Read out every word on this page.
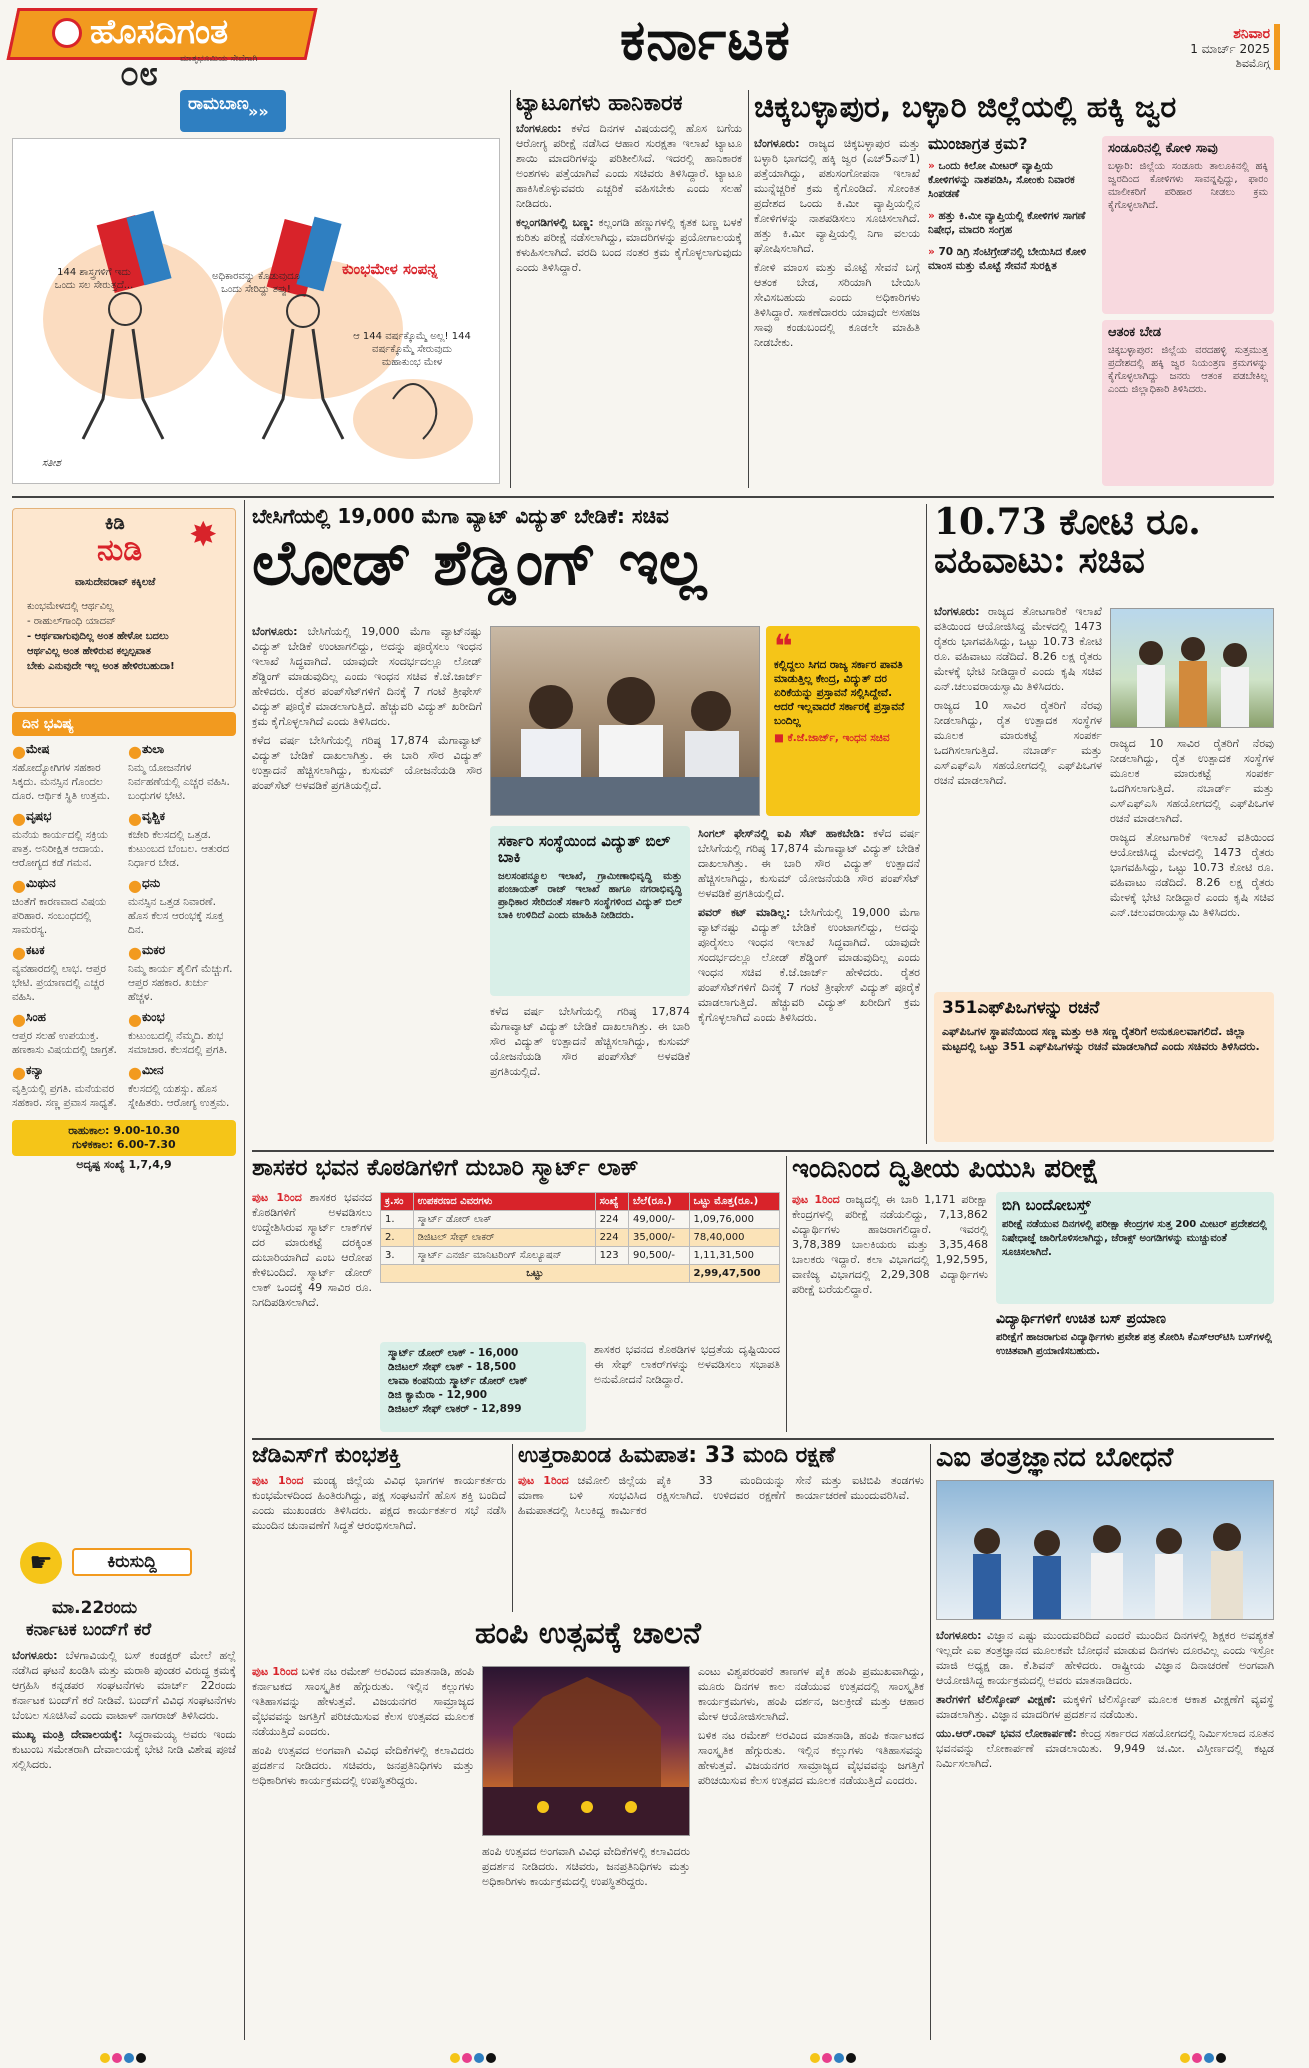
ಹೊಸದಿಗಂತ
ಮಾತೃಭೂಮಿಯ ಸೇವೆಗಾಗಿ
೦೮
ಕರ್ನಾಟಕ	ಶನಿವಾರ
1 ಮಾರ್ಚ್ 2025
ಶಿವಮೊಗ್ಗ
ರಾಮಬಾಣ »»
144 ಶಾಸ್ತ್ರಗಳಿಗೆ ಇದು ಒಂದು ಸಲ ಸೇರುತ್ತದೆ...
ಅಧಿಕಾರವನ್ನು ಕೊಡುವುದೂ ಒಂದು ಸೇರಿದ್ದು ತಪ್ಪು!
ಕುಂಭಮೇಳ ಸಂಪನ್ನ
ಆ 144 ವರ್ಷಕ್ಕೊಮ್ಮೆ ಅಲ್ಲ! 144 ವರ್ಷಕ್ಕೊಮ್ಮೆ ಸೇರುವುದು ಮಹಾಕುಂಭ ಮೇಳ
ಸತೀಶ
ಟ್ಯಾಟೂಗಳು ಹಾನಿಕಾರಕ

ಬೆಂಗಳೂರು: ಕಳೆದ ದಿನಗಳ ವಿಷಯದಲ್ಲಿ ಹೊಸ ಬಗೆಯ ಆರೋಗ್ಯ ಪರೀಕ್ಷೆ ನಡೆಸಿದ ಆಹಾರ ಸುರಕ್ಷತಾ ಇಲಾಖೆ ಟ್ಯಾಟೂ ಶಾಯಿ ಮಾದರಿಗಳನ್ನು ಪರಿಶೀಲಿಸಿದೆ. ಇದರಲ್ಲಿ ಹಾನಿಕಾರಕ ಅಂಶಗಳು ಪತ್ತೆಯಾಗಿವೆ ಎಂದು ಸಚಿವರು ತಿಳಿಸಿದ್ದಾರೆ. ಟ್ಯಾಟೂ ಹಾಕಿಸಿಕೊಳ್ಳುವವರು ಎಚ್ಚರಿಕೆ ವಹಿಸಬೇಕು ಎಂದು ಸಲಹೆ ನೀಡಿದರು.

ಕಲ್ಲಂಗಡಿಗಳಲ್ಲಿ ಬಣ್ಣ: ಕಲ್ಲಂಗಡಿ ಹಣ್ಣುಗಳಲ್ಲಿ ಕೃತಕ ಬಣ್ಣ ಬಳಕೆ ಕುರಿತು ಪರೀಕ್ಷೆ ನಡೆಸಲಾಗಿದ್ದು, ಮಾದರಿಗಳನ್ನು ಪ್ರಯೋಗಾಲಯಕ್ಕೆ ಕಳುಹಿಸಲಾಗಿದೆ. ವರದಿ ಬಂದ ನಂತರ ಕ್ರಮ ಕೈಗೊಳ್ಳಲಾಗುವುದು ಎಂದು ತಿಳಿಸಿದ್ದಾರೆ.

ಚಿಕ್ಕಬಳ್ಳಾಪುರ, ಬಳ್ಳಾರಿ ಜಿಲ್ಲೆಯಲ್ಲಿ ಹಕ್ಕಿ ಜ್ವರ

ಬೆಂಗಳೂರು: ರಾಜ್ಯದ ಚಿಕ್ಕಬಳ್ಳಾಪುರ ಮತ್ತು ಬಳ್ಳಾರಿ ಭಾಗದಲ್ಲಿ ಹಕ್ಕಿ ಜ್ವರ (ಎಚ್5ಎನ್1) ಪತ್ತೆಯಾಗಿದ್ದು, ಪಶುಸಂಗೋಪನಾ ಇಲಾಖೆ ಮುನ್ನೆಚ್ಚರಿಕೆ ಕ್ರಮ ಕೈಗೊಂಡಿದೆ. ಸೋಂಕಿತ ಪ್ರದೇಶದ ಒಂದು ಕಿ.ಮೀ ವ್ಯಾಪ್ತಿಯಲ್ಲಿನ ಕೋಳಿಗಳನ್ನು ನಾಶಪಡಿಸಲು ಸೂಚಿಸಲಾಗಿದೆ. ಹತ್ತು ಕಿ.ಮೀ ವ್ಯಾಪ್ತಿಯಲ್ಲಿ ನಿಗಾ ವಲಯ ಘೋಷಿಸಲಾಗಿದೆ.

ಕೋಳಿ ಮಾಂಸ ಮತ್ತು ಮೊಟ್ಟೆ ಸೇವನೆ ಬಗ್ಗೆ ಆತಂಕ ಬೇಡ, ಸರಿಯಾಗಿ ಬೇಯಿಸಿ ಸೇವಿಸಬಹುದು ಎಂದು ಅಧಿಕಾರಿಗಳು ತಿಳಿಸಿದ್ದಾರೆ. ಸಾಕಣೆದಾರರು ಯಾವುದೇ ಅಸಹಜ ಸಾವು ಕಂಡುಬಂದಲ್ಲಿ ಕೂಡಲೇ ಮಾಹಿತಿ ನೀಡಬೇಕು.

ಮುಂಜಾಗ್ರತ ಕ್ರಮ?
» ಒಂದು ಕಿಲೋ ಮೀಟರ್ ವ್ಯಾಪ್ತಿಯ ಕೋಳಿಗಳನ್ನು ನಾಶಪಡಿಸಿ, ಸೋಂಕು ನಿವಾರಕ ಸಿಂಪಡಣೆ
» ಹತ್ತು ಕಿ.ಮೀ ವ್ಯಾಪ್ತಿಯಲ್ಲಿ ಕೋಳಿಗಳ ಸಾಗಣೆ ನಿಷೇಧ, ಮಾದರಿ ಸಂಗ್ರಹ
» 70 ಡಿಗ್ರಿ ಸೆಂಟಿಗ್ರೇಡ್‌ನಲ್ಲಿ ಬೇಯಿಸಿದ ಕೋಳಿ ಮಾಂಸ ಮತ್ತು ಮೊಟ್ಟೆ ಸೇವನೆ ಸುರಕ್ಷಿತ
ಸಂಡೂರಿನಲ್ಲಿ ಕೋಳಿ ಸಾವು
ಬಳ್ಳಾರಿ: ಜಿಲ್ಲೆಯ ಸಂಡೂರು ತಾಲೂಕಿನಲ್ಲಿ ಹಕ್ಕಿ ಜ್ವರದಿಂದ ಕೋಳಿಗಳು ಸಾವನ್ನಪ್ಪಿದ್ದು, ಫಾರಂ ಮಾಲೀಕರಿಗೆ ಪರಿಹಾರ ನೀಡಲು ಕ್ರಮ ಕೈಗೊಳ್ಳಲಾಗಿದೆ.
ಆತಂಕ ಬೇಡ
ಚಿಕ್ಕಬಳ್ಳಾಪುರ: ಜಿಲ್ಲೆಯ ವರದಹಳ್ಳಿ ಸುತ್ತಮುತ್ತ ಪ್ರದೇಶದಲ್ಲಿ ಹಕ್ಕಿ ಜ್ವರ ನಿಯಂತ್ರಣ ಕ್ರಮಗಳನ್ನು ಕೈಗೊಳ್ಳಲಾಗಿದ್ದು ಜನರು ಆತಂಕ ಪಡಬೇಕಿಲ್ಲ ಎಂದು ಜಿಲ್ಲಾಧಿಕಾರಿ ತಿಳಿಸಿದರು.
ಕಿಡಿ
ನುಡಿ ✸
ವಾಸುದೇವರಾವ್ ಕಕ್ಕಿಲಜೆ
ಕುಂಭಮೇಳದಲ್ಲಿ ಆರ್ಥವಿಲ್ಲ
- ರಾಹುಲ್‌ಗಾಂಧಿ ಯಾದವ್
- ಆರ್ಥವಾಗುವುದಿಲ್ಲ ಅಂತ ಹೇಳೋ ಬದಲು
ಆರ್ಥವಿಲ್ಲ ಅಂತ ಹೇಳಿರುವ ಕಲ್ಪಲ್ಪವಾತ
ಬೇಕು ಎನುವುದೇ ಇಲ್ಲ ಅಂತ ಹೇಳಿರಬಹುದಾ!
ದಿನ ಭವಿಷ್ಯ
● ಮೇಷ
ಸಹೋದ್ಯೋಗಿಗಳ ಸಹಕಾರ ಸಿಕ್ಕದು. ಮನಸ್ಸಿನ ಗೊಂದಲ ದೂರ. ಆರ್ಥಿಕ ಸ್ಥಿತಿ ಉತ್ತಮ.
● ತುಲಾ
ನಿಮ್ಮ ಯೋಜನೆಗಳ ನಿರ್ವಹಣೆಯಲ್ಲಿ ಎಚ್ಚರ ವಹಿಸಿ. ಬಂಧುಗಳ ಭೇಟಿ.
● ವೃಷಭ
ಮನೆಯ ಕಾರ್ಯದಲ್ಲಿ ಸಕ್ರಿಯ ಪಾತ್ರ. ಅನಿರೀಕ್ಷಿತ ಆದಾಯ. ಆರೋಗ್ಯದ ಕಡೆ ಗಮನ.
● ವೃಶ್ಚಿಕ
ಕಚೇರಿ ಕೆಲಸದಲ್ಲಿ ಒತ್ತಡ. ಕುಟುಂಬದ ಬೆಂಬಲ. ಆತುರದ ನಿರ್ಧಾರ ಬೇಡ.
● ಮಿಥುನ
ಚಿಂತೆಗೆ ಕಾರಣವಾದ ವಿಷಯ ಪರಿಹಾರ. ಸಂಬಂಧದಲ್ಲಿ ಸಾಮರಸ್ಯ.
● ಧನು
ಮನಸ್ಸಿನ ಒತ್ತಡ ನಿವಾರಣೆ. ಹೊಸ ಕೆಲಸ ಆರಂಭಕ್ಕೆ ಸೂಕ್ತ ದಿನ.
● ಕಟಕ
ವ್ಯವಹಾರದಲ್ಲಿ ಲಾಭ. ಆಪ್ತರ ಭೇಟಿ. ಪ್ರಯಾಣದಲ್ಲಿ ಎಚ್ಚರ ವಹಿಸಿ.
● ಮಕರ
ನಿಮ್ಮ ಕಾರ್ಯ ಶೈಲಿಗೆ ಮೆಚ್ಚುಗೆ. ಆಪ್ತರ ಸಹಕಾರ. ಖರ್ಚು ಹೆಚ್ಚಳ.
● ಸಿಂಹ
ಆಪ್ತರ ಸಲಹೆ ಉಪಯುಕ್ತ. ಹಣಕಾಸು ವಿಷಯದಲ್ಲಿ ಜಾಗ್ರತೆ.
● ಕುಂಭ
ಕುಟುಂಬದಲ್ಲಿ ನೆಮ್ಮದಿ. ಶುಭ ಸಮಾಚಾರ. ಕೆಲಸದಲ್ಲಿ ಪ್ರಗತಿ.
● ಕನ್ಯಾ
ವೃತ್ತಿಯಲ್ಲಿ ಪ್ರಗತಿ. ಮನೆಯವರ ಸಹಕಾರ. ಸಣ್ಣ ಪ್ರವಾಸ ಸಾಧ್ಯತೆ.
● ಮೀನ
ಕೆಲಸದಲ್ಲಿ ಯಶಸ್ಸು. ಹೊಸ ಸ್ನೇಹಿತರು. ಆರೋಗ್ಯ ಉತ್ತಮ.
ರಾಹುಕಾಲ: 9.00-10.30
ಗುಳಿಕಕಾಲ: 6.00-7.30
ಅದೃಷ್ಟ ಸಂಖ್ಯೆ 1,7,4,9
☛	ಕಿರುಸುದ್ದಿ
ಮಾ.22ರಂದು
ಕರ್ನಾಟಕ ಬಂದ್‌ಗೆ ಕರೆ

ಬೆಂಗಳೂರು: ಬೆಳಗಾವಿಯಲ್ಲಿ ಬಸ್ ಕಂಡಕ್ಟರ್ ಮೇಲೆ ಹಲ್ಲೆ ನಡೆಸಿದ ಘಟನೆ ಖಂಡಿಸಿ ಮತ್ತು ಮರಾಠಿ ಪುಂಡರ ವಿರುದ್ಧ ಕ್ರಮಕ್ಕೆ ಆಗ್ರಹಿಸಿ ಕನ್ನಡಪರ ಸಂಘಟನೆಗಳು ಮಾರ್ಚ್ 22ರಂದು ಕರ್ನಾಟಕ ಬಂದ್‌ಗೆ ಕರೆ ನೀಡಿವೆ. ಬಂದ್‌ಗೆ ವಿವಿಧ ಸಂಘಟನೆಗಳು ಬೆಂಬಲ ಸೂಚಿಸಿವೆ ಎಂದು ವಾಟಾಳ್ ನಾಗರಾಜ್ ತಿಳಿಸಿದರು.

ಮುಖ್ಯ ಮಂತ್ರಿ ದೇವಾಲಯಕ್ಕೆ: ಸಿದ್ದರಾಮಯ್ಯ ಅವರು ಇಂದು ಕುಟುಂಬ ಸಮೇತರಾಗಿ ದೇವಾಲಯಕ್ಕೆ ಭೇಟಿ ನೀಡಿ ವಿಶೇಷ ಪೂಜೆ ಸಲ್ಲಿಸಿದರು.

ಬೇಸಿಗೆಯಲ್ಲಿ 19,000 ಮೆಗಾ ವ್ಯಾಟ್ ವಿದ್ಯುತ್ ಬೇಡಿಕೆ: ಸಚಿವ
ಲೋಡ್ ಶೆಡ್ಡಿಂಗ್ ಇಲ್ಲ

ಬೆಂಗಳೂರು: ಬೇಸಿಗೆಯಲ್ಲಿ 19,000 ಮೆಗಾ ವ್ಯಾಟ್‌ನಷ್ಟು ವಿದ್ಯುತ್ ಬೇಡಿಕೆ ಉಂಟಾಗಲಿದ್ದು, ಅದನ್ನು ಪೂರೈಸಲು ಇಂಧನ ಇಲಾಖೆ ಸಿದ್ಧವಾಗಿದೆ. ಯಾವುದೇ ಸಂದರ್ಭದಲ್ಲೂ ಲೋಡ್ ಶೆಡ್ಡಿಂಗ್ ಮಾಡುವುದಿಲ್ಲ ಎಂದು ಇಂಧನ ಸಚಿವ ಕೆ.ಜೆ.ಜಾರ್ಜ್ ಹೇಳಿದರು. ರೈತರ ಪಂಪ್‌ಸೆಟ್‌ಗಳಿಗೆ ದಿನಕ್ಕೆ 7 ಗಂಟೆ ತ್ರೀಫೇಸ್ ವಿದ್ಯುತ್ ಪೂರೈಕೆ ಮಾಡಲಾಗುತ್ತಿದೆ. ಹೆಚ್ಚುವರಿ ವಿದ್ಯುತ್ ಖರೀದಿಗೆ ಕ್ರಮ ಕೈಗೊಳ್ಳಲಾಗಿದೆ ಎಂದು ತಿಳಿಸಿದರು.

ಕಳೆದ ವರ್ಷ ಬೇಸಿಗೆಯಲ್ಲಿ ಗರಿಷ್ಠ 17,874 ಮೆಗಾವ್ಯಾಟ್ ವಿದ್ಯುತ್ ಬೇಡಿಕೆ ದಾಖಲಾಗಿತ್ತು. ಈ ಬಾರಿ ಸೌರ ವಿದ್ಯುತ್ ಉತ್ಪಾದನೆ ಹೆಚ್ಚಿಸಲಾಗಿದ್ದು, ಕುಸುಮ್ ಯೋಜನೆಯಡಿ ಸೌರ ಪಂಪ್‌ಸೆಟ್ ಅಳವಡಿಕೆ ಪ್ರಗತಿಯಲ್ಲಿದೆ.

❝
ಕಲ್ಲಿದ್ದಲು ಸಿಗದ ರಾಜ್ಯ ಸರ್ಕಾರ ಪಾವತಿ ಮಾಡುತ್ತಿಲ್ಲ ಕೇಂದ್ರ, ವಿದ್ಯುತ್ ದರ ಏರಿಕೆಯನ್ನು ಪ್ರಸ್ತಾವನೆ ಸಲ್ಲಿಸಿದ್ದೇವೆ. ಆದರೆ ಇಲ್ಲವಾದರೆ ಸರ್ಕಾರಕ್ಕೆ ಪ್ರಸ್ತಾವನೆ ಬಂದಿಲ್ಲ
■ ಕೆ.ಜೆ.ಜಾರ್ಜ್, ಇಂಧನ ಸಚಿವ
ಸರ್ಕಾರಿ ಸಂಸ್ಥೆಯಿಂದ ವಿದ್ಯುತ್ ಬಿಲ್ ಬಾಕಿ
ಜಲಸಂಪನ್ಮೂಲ ಇಲಾಖೆ, ಗ್ರಾಮೀಣಾಭಿವೃದ್ಧಿ ಮತ್ತು ಪಂಚಾಯತ್ ರಾಜ್ ಇಲಾಖೆ ಹಾಗೂ ನಗರಾಭಿವೃದ್ಧಿ ಪ್ರಾಧಿಕಾರ ಸೇರಿದಂತೆ ಸರ್ಕಾರಿ ಸಂಸ್ಥೆಗಳಿಂದ ವಿದ್ಯುತ್ ಬಿಲ್ ಬಾಕಿ ಉಳಿದಿದೆ ಎಂದು ಮಾಹಿತಿ ನೀಡಿದರು.

ಸಿಂಗಲ್ ಫೇಸ್‌ನಲ್ಲಿ ಐಪಿ ಸೆಟ್ ಹಾಕಬೇಡಿ: ಕಳೆದ ವರ್ಷ ಬೇಸಿಗೆಯಲ್ಲಿ ಗರಿಷ್ಠ 17,874 ಮೆಗಾವ್ಯಾಟ್ ವಿದ್ಯುತ್ ಬೇಡಿಕೆ ದಾಖಲಾಗಿತ್ತು. ಈ ಬಾರಿ ಸೌರ ವಿದ್ಯುತ್ ಉತ್ಪಾದನೆ ಹೆಚ್ಚಿಸಲಾಗಿದ್ದು, ಕುಸುಮ್ ಯೋಜನೆಯಡಿ ಸೌರ ಪಂಪ್‌ಸೆಟ್ ಅಳವಡಿಕೆ ಪ್ರಗತಿಯಲ್ಲಿದೆ.

ಪವರ್ ಕಟ್ ಮಾಡಿಲ್ಲ: ಬೇಸಿಗೆಯಲ್ಲಿ 19,000 ಮೆಗಾ ವ್ಯಾಟ್‌ನಷ್ಟು ವಿದ್ಯುತ್ ಬೇಡಿಕೆ ಉಂಟಾಗಲಿದ್ದು, ಅದನ್ನು ಪೂರೈಸಲು ಇಂಧನ ಇಲಾಖೆ ಸಿದ್ಧವಾಗಿದೆ. ಯಾವುದೇ ಸಂದರ್ಭದಲ್ಲೂ ಲೋಡ್ ಶೆಡ್ಡಿಂಗ್ ಮಾಡುವುದಿಲ್ಲ ಎಂದು ಇಂಧನ ಸಚಿವ ಕೆ.ಜೆ.ಜಾರ್ಜ್ ಹೇಳಿದರು. ರೈತರ ಪಂಪ್‌ಸೆಟ್‌ಗಳಿಗೆ ದಿನಕ್ಕೆ 7 ಗಂಟೆ ತ್ರೀಫೇಸ್ ವಿದ್ಯುತ್ ಪೂರೈಕೆ ಮಾಡಲಾಗುತ್ತಿದೆ. ಹೆಚ್ಚುವರಿ ವಿದ್ಯುತ್ ಖರೀದಿಗೆ ಕ್ರಮ ಕೈಗೊಳ್ಳಲಾಗಿದೆ ಎಂದು ತಿಳಿಸಿದರು.

ಕಳೆದ ವರ್ಷ ಬೇಸಿಗೆಯಲ್ಲಿ ಗರಿಷ್ಠ 17,874 ಮೆಗಾವ್ಯಾಟ್ ವಿದ್ಯುತ್ ಬೇಡಿಕೆ ದಾಖಲಾಗಿತ್ತು. ಈ ಬಾರಿ ಸೌರ ವಿದ್ಯುತ್ ಉತ್ಪಾದನೆ ಹೆಚ್ಚಿಸಲಾಗಿದ್ದು, ಕುಸುಮ್ ಯೋಜನೆಯಡಿ ಸೌರ ಪಂಪ್‌ಸೆಟ್ ಅಳವಡಿಕೆ ಪ್ರಗತಿಯಲ್ಲಿದೆ.

10.73 ಕೋಟಿ ರೂ. ವಹಿವಾಟು: ಸಚಿವ

ಬೆಂಗಳೂರು: ರಾಜ್ಯದ ತೋಟಗಾರಿಕೆ ಇಲಾಖೆ ವತಿಯಿಂದ ಆಯೋಜಿಸಿದ್ದ ಮೇಳದಲ್ಲಿ 1473 ರೈತರು ಭಾಗವಹಿಸಿದ್ದು, ಒಟ್ಟು 10.73 ಕೋಟಿ ರೂ. ವಹಿವಾಟು ನಡೆದಿದೆ. 8.26 ಲಕ್ಷ ರೈತರು ಮೇಳಕ್ಕೆ ಭೇಟಿ ನೀಡಿದ್ದಾರೆ ಎಂದು ಕೃಷಿ ಸಚಿವ ಎನ್.ಚಲುವರಾಯಸ್ವಾಮಿ ತಿಳಿಸಿದರು.

ರಾಜ್ಯದ 10 ಸಾವಿರ ರೈತರಿಗೆ ನೆರವು ನೀಡಲಾಗಿದ್ದು, ರೈತ ಉತ್ಪಾದಕ ಸಂಸ್ಥೆಗಳ ಮೂಲಕ ಮಾರುಕಟ್ಟೆ ಸಂಪರ್ಕ ಒದಗಿಸಲಾಗುತ್ತಿದೆ. ನಬಾರ್ಡ್ ಮತ್ತು ಎಸ್‌ಎಫ್‌ಎಸಿ ಸಹಯೋಗದಲ್ಲಿ ಎಫ್‌ಪಿಒಗಳ ರಚನೆ ಮಾಡಲಾಗಿದೆ.

ರಾಜ್ಯದ 10 ಸಾವಿರ ರೈತರಿಗೆ ನೆರವು ನೀಡಲಾಗಿದ್ದು, ರೈತ ಉತ್ಪಾದಕ ಸಂಸ್ಥೆಗಳ ಮೂಲಕ ಮಾರುಕಟ್ಟೆ ಸಂಪರ್ಕ ಒದಗಿಸಲಾಗುತ್ತಿದೆ. ನಬಾರ್ಡ್ ಮತ್ತು ಎಸ್‌ಎಫ್‌ಎಸಿ ಸಹಯೋಗದಲ್ಲಿ ಎಫ್‌ಪಿಒಗಳ ರಚನೆ ಮಾಡಲಾಗಿದೆ.

ರಾಜ್ಯದ ತೋಟಗಾರಿಕೆ ಇಲಾಖೆ ವತಿಯಿಂದ ಆಯೋಜಿಸಿದ್ದ ಮೇಳದಲ್ಲಿ 1473 ರೈತರು ಭಾಗವಹಿಸಿದ್ದು, ಒಟ್ಟು 10.73 ಕೋಟಿ ರೂ. ವಹಿವಾಟು ನಡೆದಿದೆ. 8.26 ಲಕ್ಷ ರೈತರು ಮೇಳಕ್ಕೆ ಭೇಟಿ ನೀಡಿದ್ದಾರೆ ಎಂದು ಕೃಷಿ ಸಚಿವ ಎನ್.ಚಲುವರಾಯಸ್ವಾಮಿ ತಿಳಿಸಿದರು.

351ಎಫ್‌ಪಿಒಗಳನ್ನು ರಚನೆ
ಎಫ್‌ಪಿಒಗಳ ಸ್ಥಾಪನೆಯಿಂದ ಸಣ್ಣ ಮತ್ತು ಅತಿ ಸಣ್ಣ ರೈತರಿಗೆ ಅನುಕೂಲವಾಗಲಿದೆ. ಜಿಲ್ಲಾ ಮಟ್ಟದಲ್ಲಿ ಒಟ್ಟು 351 ಎಫ್‌ಪಿಒಗಳನ್ನು ರಚನೆ ಮಾಡಲಾಗಿದೆ ಎಂದು ಸಚಿವರು ತಿಳಿಸಿದರು.
ಶಾಸಕರ ಭವನ ಕೊಠಡಿಗಳಿಗೆ ದುಬಾರಿ ಸ್ಮಾರ್ಟ್ ಲಾಕ್

ಪುಟ 1ರಿಂದ ಶಾಸಕರ ಭವನದ ಕೊಠಡಿಗಳಿಗೆ ಅಳವಡಿಸಲು ಉದ್ದೇಶಿಸಿರುವ ಸ್ಮಾರ್ಟ್ ಲಾಕ್‌ಗಳ ದರ ಮಾರುಕಟ್ಟೆ ದರಕ್ಕಿಂತ ದುಬಾರಿಯಾಗಿದೆ ಎಂಬ ಆರೋಪ ಕೇಳಿಬಂದಿದೆ. ಸ್ಮಾರ್ಟ್ ಡೋರ್ ಲಾಕ್ ಒಂದಕ್ಕೆ 49 ಸಾವಿರ ರೂ. ನಿಗದಿಪಡಿಸಲಾಗಿದೆ.

ಕ್ರ.ಸಂ	ಉಪಕರಣದ ವಿವರಗಳು	ಸಂಖ್ಯೆ	ಬೆಲೆ(ರೂ.)	ಒಟ್ಟು ಮೊತ್ತ(ರೂ.)
1.	ಸ್ಮಾರ್ಟ್ ಡೋರ್ ಲಾಕ್	224	49,000/-	1,09,76,000
2.	ಡಿಜಿಟಲ್ ಸೇಫ್ ಲಾಕರ್	224	35,000/-	78,40,000
3.	ಸ್ಮಾರ್ಟ್ ಎನರ್ಜಿ ಮಾನಿಟರಿಂಗ್ ಸೊಲ್ಯೂಷನ್	123	90,500/-	1,11,31,500
ಒಟ್ಟು				2,99,47,500
ಸ್ಮಾರ್ಟ್ ಡೋರ್ ಲಾಕ್ - 16,000
ಡಿಜಿಟಲ್ ಸೇಫ್ ಲಾಕ್ - 18,500
ಲಾವಾ ಕಂಪನಿಯ ಸ್ಮಾರ್ಟ್ ಡೋರ್ ಲಾಕ್
ಡಿಜಿ ಕ್ಯಾಮೆರಾ - 12,900
ಡಿಜಿಟಲ್ ಸೇಫ್ ಲಾಕರ್ - 12,899

ಶಾಸಕರ ಭವನದ ಕೊಠಡಿಗಳ ಭದ್ರತೆಯ ದೃಷ್ಟಿಯಿಂದ ಈ ಸೇಫ್ ಲಾಕರ್‌ಗಳನ್ನು ಅಳವಡಿಸಲು ಸಭಾಪತಿ ಅನುಮೋದನೆ ನೀಡಿದ್ದಾರೆ.

ಇಂದಿನಿಂದ ದ್ವಿತೀಯ ಪಿಯುಸಿ ಪರೀಕ್ಷೆ

ಪುಟ 1ರಿಂದ ರಾಜ್ಯದಲ್ಲಿ ಈ ಬಾರಿ 1,171 ಪರೀಕ್ಷಾ ಕೇಂದ್ರಗಳಲ್ಲಿ ಪರೀಕ್ಷೆ ನಡೆಯಲಿದ್ದು, 7,13,862 ವಿದ್ಯಾರ್ಥಿಗಳು ಹಾಜರಾಗಲಿದ್ದಾರೆ. ಇವರಲ್ಲಿ 3,78,389 ಬಾಲಕಿಯರು ಮತ್ತು 3,35,468 ಬಾಲಕರು ಇದ್ದಾರೆ. ಕಲಾ ವಿಭಾಗದಲ್ಲಿ 1,92,595, ವಾಣಿಜ್ಯ ವಿಭಾಗದಲ್ಲಿ 2,29,308 ವಿದ್ಯಾರ್ಥಿಗಳು ಪರೀಕ್ಷೆ ಬರೆಯಲಿದ್ದಾರೆ.

ಬಿಗಿ ಬಂದೋಬಸ್ತ್
ಪರೀಕ್ಷೆ ನಡೆಯುವ ದಿನಗಳಲ್ಲಿ ಪರೀಕ್ಷಾ ಕೇಂದ್ರಗಳ ಸುತ್ತ 200 ಮೀಟರ್ ಪ್ರದೇಶದಲ್ಲಿ ನಿಷೇಧಾಜ್ಞೆ ಜಾರಿಗೊಳಿಸಲಾಗಿದ್ದು, ಜೆರಾಕ್ಸ್ ಅಂಗಡಿಗಳನ್ನು ಮುಚ್ಚುವಂತೆ ಸೂಚಿಸಲಾಗಿದೆ.
ವಿದ್ಯಾರ್ಥಿಗಳಿಗೆ ಉಚಿತ ಬಸ್ ಪ್ರಯಾಣ
ಪರೀಕ್ಷೆಗೆ ಹಾಜರಾಗುವ ವಿದ್ಯಾರ್ಥಿಗಳು ಪ್ರವೇಶ ಪತ್ರ ತೋರಿಸಿ ಕೆಎಸ್‌ಆರ್‌ಟಿಸಿ ಬಸ್‌ಗಳಲ್ಲಿ ಉಚಿತವಾಗಿ ಪ್ರಯಾಣಿಸಬಹುದು.
ಜೆಡಿಎಸ್‌ಗೆ ಕುಂಭಶಕ್ತಿ

ಪುಟ 1ರಿಂದ ಮಂಡ್ಯ ಜಿಲ್ಲೆಯ ವಿವಿಧ ಭಾಗಗಳ ಕಾರ್ಯಕರ್ತರು ಕುಂಭಮೇಳದಿಂದ ಹಿಂತಿರುಗಿದ್ದು, ಪಕ್ಷ ಸಂಘಟನೆಗೆ ಹೊಸ ಶಕ್ತಿ ಬಂದಿದೆ ಎಂದು ಮುಖಂಡರು ತಿಳಿಸಿದರು. ಪಕ್ಷದ ಕಾರ್ಯಕರ್ತರ ಸಭೆ ನಡೆಸಿ ಮುಂದಿನ ಚುನಾವಣೆಗೆ ಸಿದ್ಧತೆ ಆರಂಭಿಸಲಾಗಿದೆ.

ಉತ್ತರಾಖಂಡ ಹಿಮಪಾತ: 33 ಮಂದಿ ರಕ್ಷಣೆ

ಪುಟ 1ರಿಂದ ಚಮೋಲಿ ಜಿಲ್ಲೆಯ ಮಾಣಾ ಬಳಿ ಸಂಭವಿಸಿದ ಹಿಮಪಾತದಲ್ಲಿ ಸಿಲುಕಿದ್ದ ಕಾರ್ಮಿಕರ ಪೈಕಿ 33 ಮಂದಿಯನ್ನು ರಕ್ಷಿಸಲಾಗಿದೆ. ಉಳಿದವರ ರಕ್ಷಣೆಗೆ ಸೇನೆ ಮತ್ತು ಐಟಿಬಿಪಿ ತಂಡಗಳು ಕಾರ್ಯಾಚರಣೆ ಮುಂದುವರಿಸಿವೆ.

ಎಐ ತಂತ್ರಜ್ಞಾನದ ಬೋಧನೆ

ಬೆಂಗಳೂರು: ವಿಜ್ಞಾನ ಎಷ್ಟು ಮುಂದುವರಿದಿದೆ ಎಂದರೆ ಮುಂದಿನ ದಿನಗಳಲ್ಲಿ ಶಿಕ್ಷಕರ ಅವಶ್ಯಕತೆ ಇಲ್ಲದೇ ಎಐ ತಂತ್ರಜ್ಞಾನದ ಮೂಲಕವೇ ಬೋಧನೆ ಮಾಡುವ ದಿನಗಳು ದೂರವಿಲ್ಲ ಎಂದು ಇಸ್ರೋ ಮಾಜಿ ಅಧ್ಯಕ್ಷ ಡಾ. ಕೆ.ಶಿವನ್ ಹೇಳಿದರು. ರಾಷ್ಟ್ರೀಯ ವಿಜ್ಞಾನ ದಿನಾಚರಣೆ ಅಂಗವಾಗಿ ಆಯೋಜಿಸಿದ್ದ ಕಾರ್ಯಕ್ರಮದಲ್ಲಿ ಅವರು ಮಾತನಾಡಿದರು.

ತಾರೆಗಳಿಗೆ ಟೆಲಿಸ್ಕೋಪ್ ವೀಕ್ಷಣೆ: ಮಕ್ಕಳಿಗೆ ಟೆಲಿಸ್ಕೋಪ್ ಮೂಲಕ ಆಕಾಶ ವೀಕ್ಷಣೆಗೆ ವ್ಯವಸ್ಥೆ ಮಾಡಲಾಗಿತ್ತು. ವಿಜ್ಞಾನ ಮಾದರಿಗಳ ಪ್ರದರ್ಶನ ನಡೆಯಿತು.

ಯು.ಆರ್.ರಾವ್ ಭವನ ಲೋಕಾರ್ಪಣೆ: ಕೇಂದ್ರ ಸರ್ಕಾರದ ಸಹಯೋಗದಲ್ಲಿ ನಿರ್ಮಿಸಲಾದ ನೂತನ ಭವನವನ್ನು ಲೋಕಾರ್ಪಣೆ ಮಾಡಲಾಯಿತು. 9,949 ಚ.ಮೀ. ವಿಸ್ತೀರ್ಣದಲ್ಲಿ ಕಟ್ಟಡ ನಿರ್ಮಿಸಲಾಗಿದೆ.

ಹಂಪಿ ಉತ್ಸವಕ್ಕೆ ಚಾಲನೆ

ಪುಟ 1ರಿಂದ ಬಳಿಕ ನಟ ರಮೇಶ್ ಅರವಿಂದ ಮಾತನಾಡಿ, ಹಂಪಿ ಕರ್ನಾಟಕದ ಸಾಂಸ್ಕೃತಿಕ ಹೆಗ್ಗುರುತು. ಇಲ್ಲಿನ ಕಲ್ಲುಗಳು ಇತಿಹಾಸವನ್ನು ಹೇಳುತ್ತವೆ. ವಿಜಯನಗರ ಸಾಮ್ರಾಜ್ಯದ ವೈಭವವನ್ನು ಜಗತ್ತಿಗೆ ಪರಿಚಯಿಸುವ ಕೆಲಸ ಉತ್ಸವದ ಮೂಲಕ ನಡೆಯುತ್ತಿದೆ ಎಂದರು.

ಹಂಪಿ ಉತ್ಸವದ ಅಂಗವಾಗಿ ವಿವಿಧ ವೇದಿಕೆಗಳಲ್ಲಿ ಕಲಾವಿದರು ಪ್ರದರ್ಶನ ನೀಡಿದರು. ಸಚಿವರು, ಜನಪ್ರತಿನಿಧಿಗಳು ಮತ್ತು ಅಧಿಕಾರಿಗಳು ಕಾರ್ಯಕ್ರಮದಲ್ಲಿ ಉಪಸ್ಥಿತರಿದ್ದರು.

ಹಂಪಿ ಉತ್ಸವದ ಅಂಗವಾಗಿ ವಿವಿಧ ವೇದಿಕೆಗಳಲ್ಲಿ ಕಲಾವಿದರು ಪ್ರದರ್ಶನ ನೀಡಿದರು. ಸಚಿವರು, ಜನಪ್ರತಿನಿಧಿಗಳು ಮತ್ತು ಅಧಿಕಾರಿಗಳು ಕಾರ್ಯಕ್ರಮದಲ್ಲಿ ಉಪಸ್ಥಿತರಿದ್ದರು.

ಎಂಟು ವಿಶ್ವಪರಂಪರೆ ತಾಣಗಳ ಪೈಕಿ ಹಂಪಿ ಪ್ರಮುಖವಾಗಿದ್ದು, ಮೂರು ದಿನಗಳ ಕಾಲ ನಡೆಯುವ ಉತ್ಸವದಲ್ಲಿ ಸಾಂಸ್ಕೃತಿಕ ಕಾರ್ಯಕ್ರಮಗಳು, ಹಂಪಿ ದರ್ಶನ, ಜಲಕ್ರೀಡೆ ಮತ್ತು ಆಹಾರ ಮೇಳ ಆಯೋಜಿಸಲಾಗಿದೆ.

ಬಳಿಕ ನಟ ರಮೇಶ್ ಅರವಿಂದ ಮಾತನಾಡಿ, ಹಂಪಿ ಕರ್ನಾಟಕದ ಸಾಂಸ್ಕೃತಿಕ ಹೆಗ್ಗುರುತು. ಇಲ್ಲಿನ ಕಲ್ಲುಗಳು ಇತಿಹಾಸವನ್ನು ಹೇಳುತ್ತವೆ. ವಿಜಯನಗರ ಸಾಮ್ರಾಜ್ಯದ ವೈಭವವನ್ನು ಜಗತ್ತಿಗೆ ಪರಿಚಯಿಸುವ ಕೆಲಸ ಉತ್ಸವದ ಮೂಲಕ ನಡೆಯುತ್ತಿದೆ ಎಂದರು.
